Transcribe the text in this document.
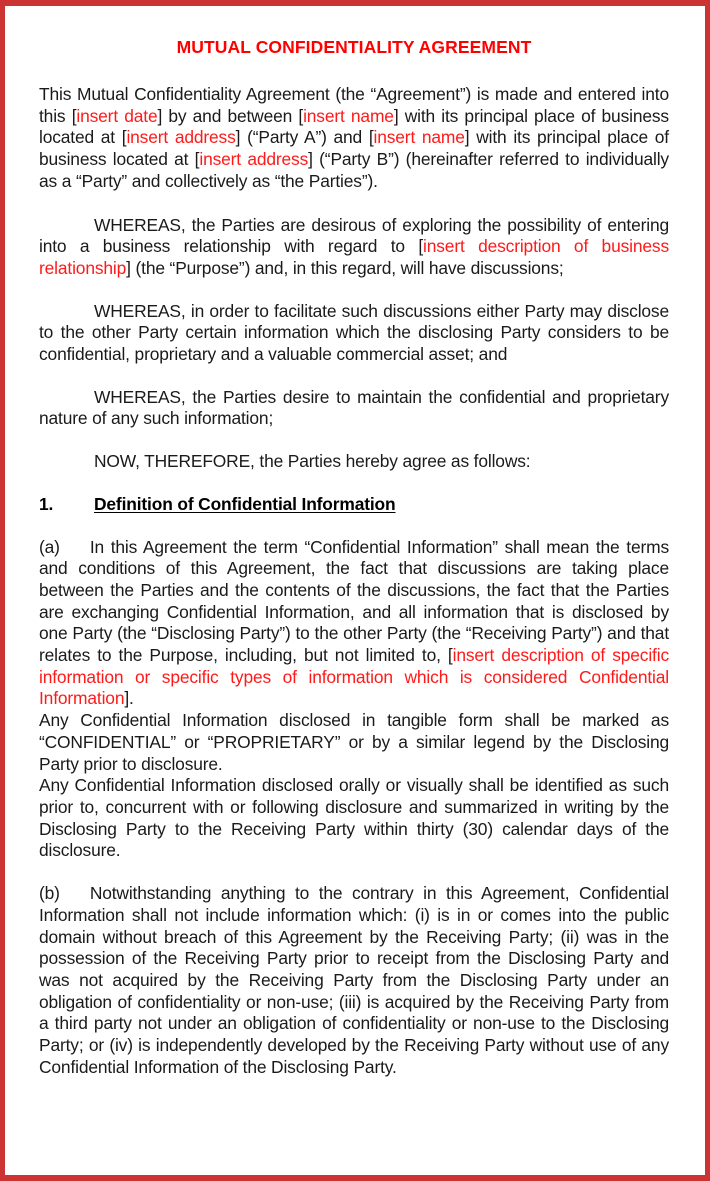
MUTUAL CONFIDENTIALITY AGREEMENT

This Mutual Confidentiality Agreement (the “Agreement”) is made and entered into this [insert date] by and between [insert name] with its principal place of business located at [insert address] (“Party A”) and [insert name] with its principal place of business located at [insert address] (“Party B”) (hereinafter referred to individually as a “Party” and collectively as “the Parties”).

WHEREAS, the Parties are desirous of exploring the possibility of entering into a business relationship with regard to [insert description of business relationship] (the “Purpose”) and, in this regard, will have discussions;

WHEREAS, in order to facilitate such discussions either Party may disclose to the other Party certain information which the disclosing Party considers to be confidential, proprietary and a valuable commercial asset; and

WHEREAS, the Parties desire to maintain the confidential and proprietary nature of any such information;

NOW, THEREFORE, the Parties hereby agree as follows:

1.	Definition of Confidential Information

(a) In this Agreement the term “Confidential Information” shall mean the terms and conditions of this Agreement, the fact that discussions are taking place between the Parties and the contents of the discussions, the fact that the Parties are exchanging Confidential Information, and all information that is disclosed by one Party (the “Disclosing Party”) to the other Party (the “Receiving Party”) and that relates to the Purpose, including, but not limited to, [insert description of specific information or specific types of information which is considered Confidential Information].

Any Confidential Information disclosed in tangible form shall be marked as “CONFIDENTIAL” or “PROPRIETARY” or by a similar legend by the Disclosing Party prior to disclosure.

Any Confidential Information disclosed orally or visually shall be identified as such prior to, concurrent with or following disclosure and summarized in writing by the Disclosing Party to the Receiving Party within thirty (30) calendar days of the disclosure.

(b) Notwithstanding anything to the contrary in this Agreement, Confidential Information shall not include information which: (i) is in or comes into the public domain without breach of this Agreement by the Receiving Party; (ii) was in the possession of the Receiving Party prior to receipt from the Disclosing Party and was not acquired by the Receiving Party from the Disclosing Party under an obligation of confidentiality or non-use; (iii) is acquired by the Receiving Party from a third party not under an obligation of confidentiality or non-use to the Disclosing Party; or (iv) is independently developed by the Receiving Party without use of any Confidential Information of the Disclosing Party.
